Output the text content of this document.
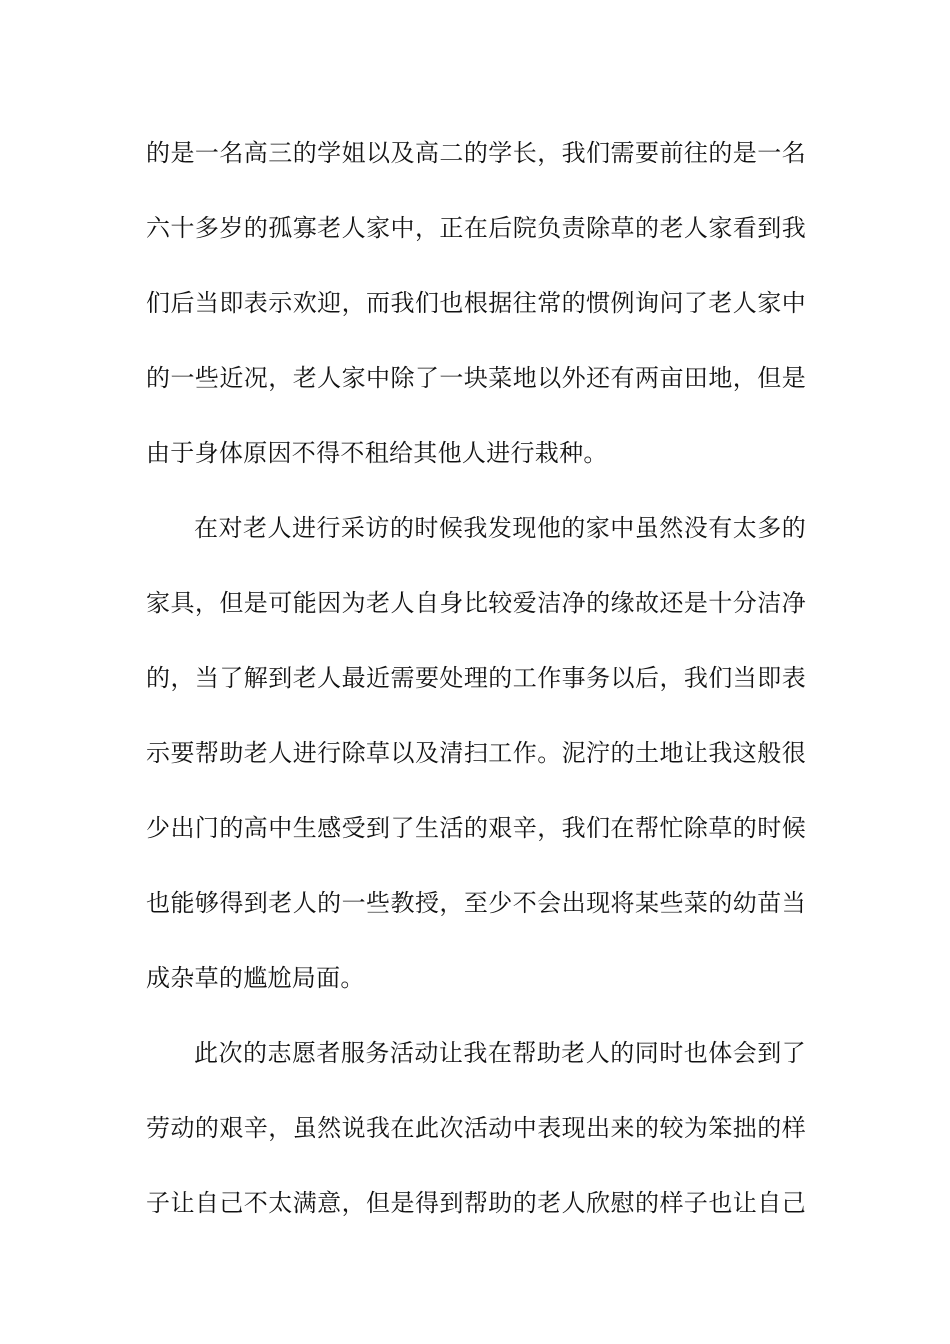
的是一名高三的学姐以及高二的学长，我们需要前往的是一名
六十多岁的孤寡老人家中，正在后院负责除草的老人家看到我
们后当即表示欢迎，而我们也根据往常的惯例询问了老人家中
的一些近况，老人家中除了一块菜地以外还有两亩田地，但是
由于身体原因不得不租给其他人进行栽种。
在对老人进行采访的时候我发现他的家中虽然没有太多的
家具，但是可能因为老人自身比较爱洁净的缘故还是十分洁净
的，当了解到老人最近需要处理的工作事务以后，我们当即表
示要帮助老人进行除草以及清扫工作。泥泞的土地让我这般很
少出门的高中生感受到了生活的艰辛，我们在帮忙除草的时候
也能够得到老人的一些教授，至少不会出现将某些菜的幼苗当
成杂草的尴尬局面。
此次的志愿者服务活动让我在帮助老人的同时也体会到了
劳动的艰辛，虽然说我在此次活动中表现出来的较为笨拙的样
子让自己不太满意，但是得到帮助的老人欣慰的样子也让自己
